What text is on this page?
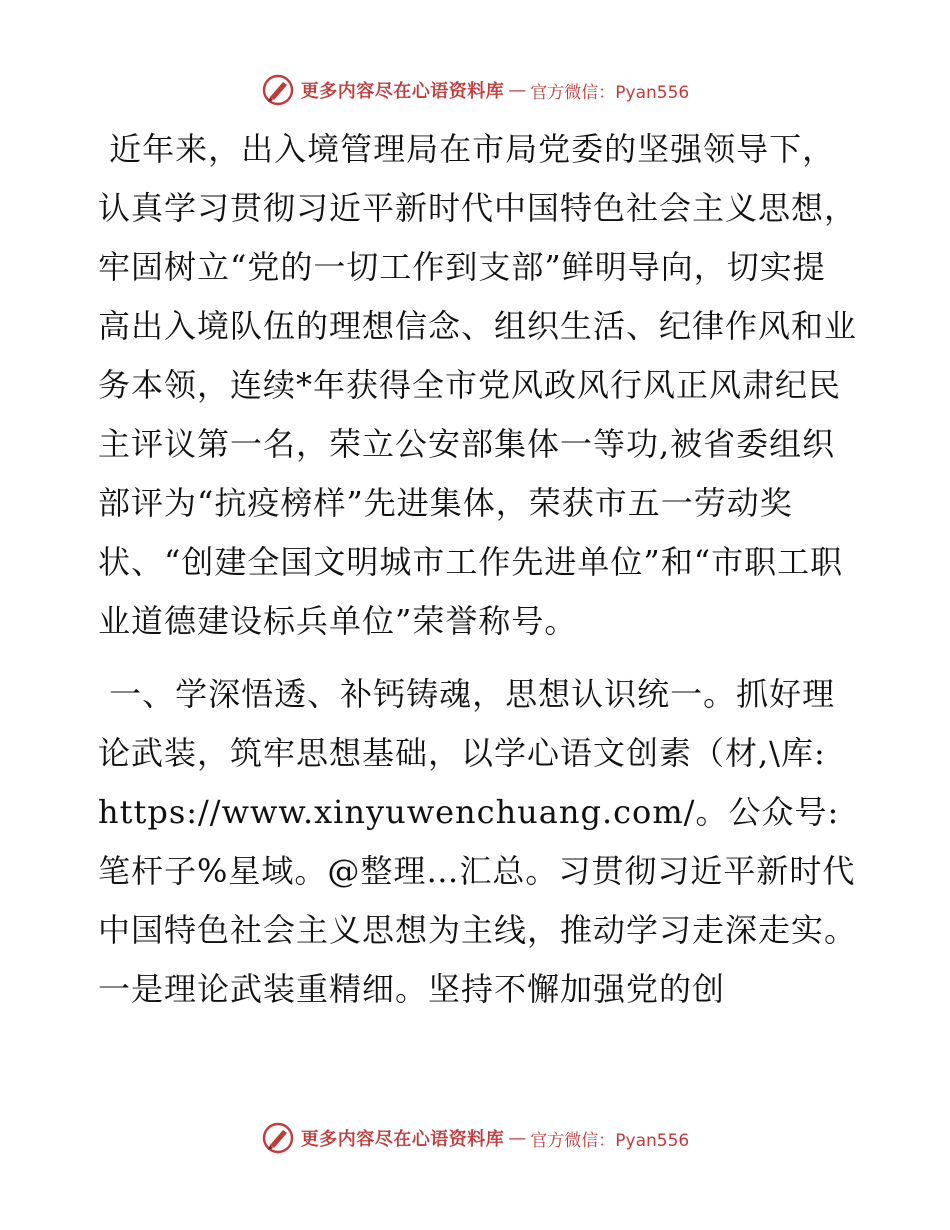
更多内容尽在心语资料库 — 官方微信：Pyan556

近年来，出入境管理局在市局党委的坚强领导下，认真学习贯彻习近平新时代中国特色社会主义思想，牢固树立“党的一切工作到支部”鲜明导向，切实提高出入境队伍的理想信念、组织生活、纪律作风和业务本领，连续*年获得全市党风政风行风正风肃纪民主评议第一名，荣立公安部集体一等功,被省委组织部评为“抗疫榜样”先进集体，荣获市五一劳动奖状、“创建全国文明城市工作先进单位”和“市职工职业道德建设标兵单位”荣誉称号。

一、学深悟透、补钙铸魂，思想认识统一。抓好理论武装，筑牢思想基础，以学心语文创素（材,\库: https://www.xinyuwenchuang.com/。公众号: 笔杆子%星域。@整理…汇总。习贯彻习近平新时代中国特色社会主义思想为主线，推动学习走深走实。一是理论武装重精细。坚持不懈加强党的创

更多内容尽在心语资料库 — 官方微信：Pyan556
